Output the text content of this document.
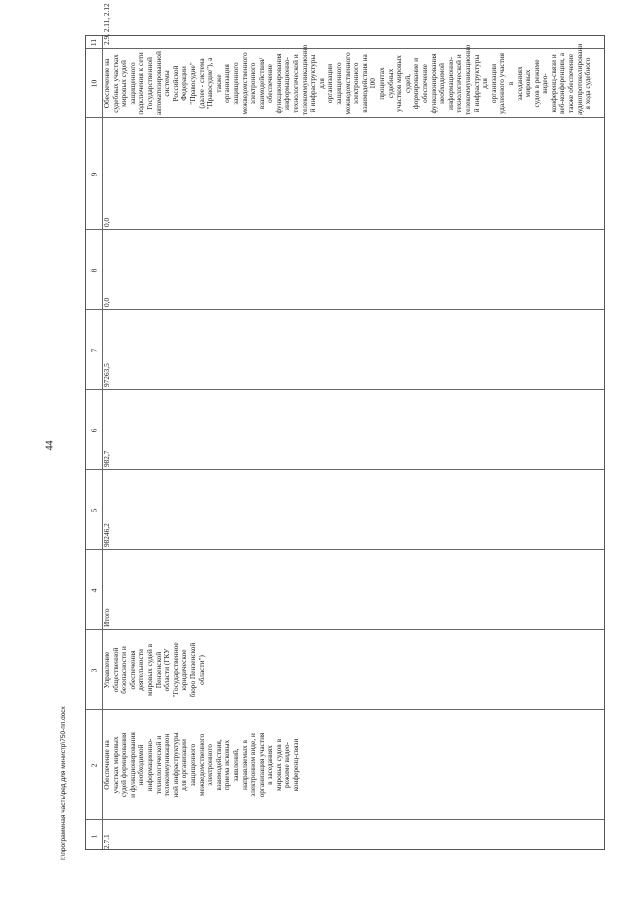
44
11 2.9, 2.11, 2.12
10 Обеспечение на
судебных участках
мировых судей
защищенного
подключения к сети
Государственной
автоматизированной
системы
Российской Федерации
"Правосудие"
(далее - система
"Правосудие"), а также
организация
защищенного
межведомственного
электронного
взаимодействия/
обеспечение
функционирования
информационно-
технологической и
телекоммуникационно
й инфраструктуры для
организации
защищенного
межведомственного
электронного
взаимодействия на 100
процентах судебных
участков мировых
судей, формирование и
обеспечение
функционирования
необходимой
информационно-
технологической и
телекоммуникационно
й инфраструктуры для
организации
удаленного участия в
заседаниях мировых
судов в режиме видео-
конференц-связи и
веб-конференции, а
также обеспечение
аудиопротоколировани
я хода судебного
9
0,0
8
0,0
7
97263,5
6
982,7
5
98246,2
4
Итого
3 Управление
общественной
безопасности и
обеспечения
деятельности
мировых судей в
Пензенской
области (ГКУ
"Государственное
юридическое
бюро Пензенской
области")
2 Обеспечение на
участках мировых
судей формирования
и функционирования
необходимой
информационно-
технологической и
телекоммуникацион
ной инфраструктуры
для организации
защищенного
межведомственного
электронного
взаимодействия,
приема исковых
заявлений,
направляемых в
электронном виде, и
организация участия
в заседаниях
мировых судов в
режиме видео-
конференц-связи
1 2.7.1
I:\программная часть\ред для министр\750-пп.docx
